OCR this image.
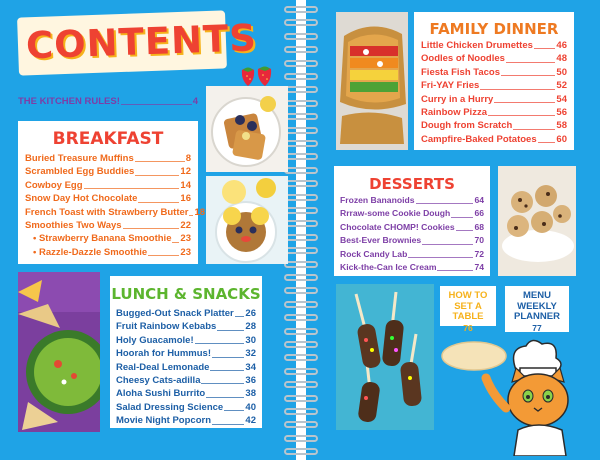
CONTENTS
THE KITCHEN RULES!	4
BREAKFAST
Buried Treasure Muffins	8
Scrambled Egg Buddies	12
Cowboy Egg	14
Snow Day Hot Chocolate	16
French Toast with Strawberry Butter 18
Smoothies Two Ways	22
• Strawberry Banana Smoothie 23
• Razzle-Dazzle Smoothie	23
LUNCH & SNACKS
Bugged-Out Snack Platter 26
Fruit Rainbow Kebabs	28
Holy Guacamole!	30
Hoorah for Hummus!	32
Real-Deal Lemonade	34
Cheesy Cats-adilla	36
Aloha Sushi Burrito	38
Salad Dressing Science 40
Movie Night Popcorn	42
FAMILY DINNER
Little Chicken Drumettes 46
Oodles of Noodles	48
Fiesta Fish Tacos	50
Fri-YAY Fries	52
Curry in a Hurry	54
Rainbow Pizza	56
Dough from Scratch	58
Campfire-Baked Potatoes 60
DESSERTS
Frozen Bananoids	64
Rrraw-some Cookie Dough	66
Chocolate CHOMP! Cookies 68
Best-Ever Brownies	70
Rock Candy Lab	72
Kick-the-Can Ice Cream	74
HOW TO
SET A TABLE
76
MENU WEEKLY
PLANNER
77
